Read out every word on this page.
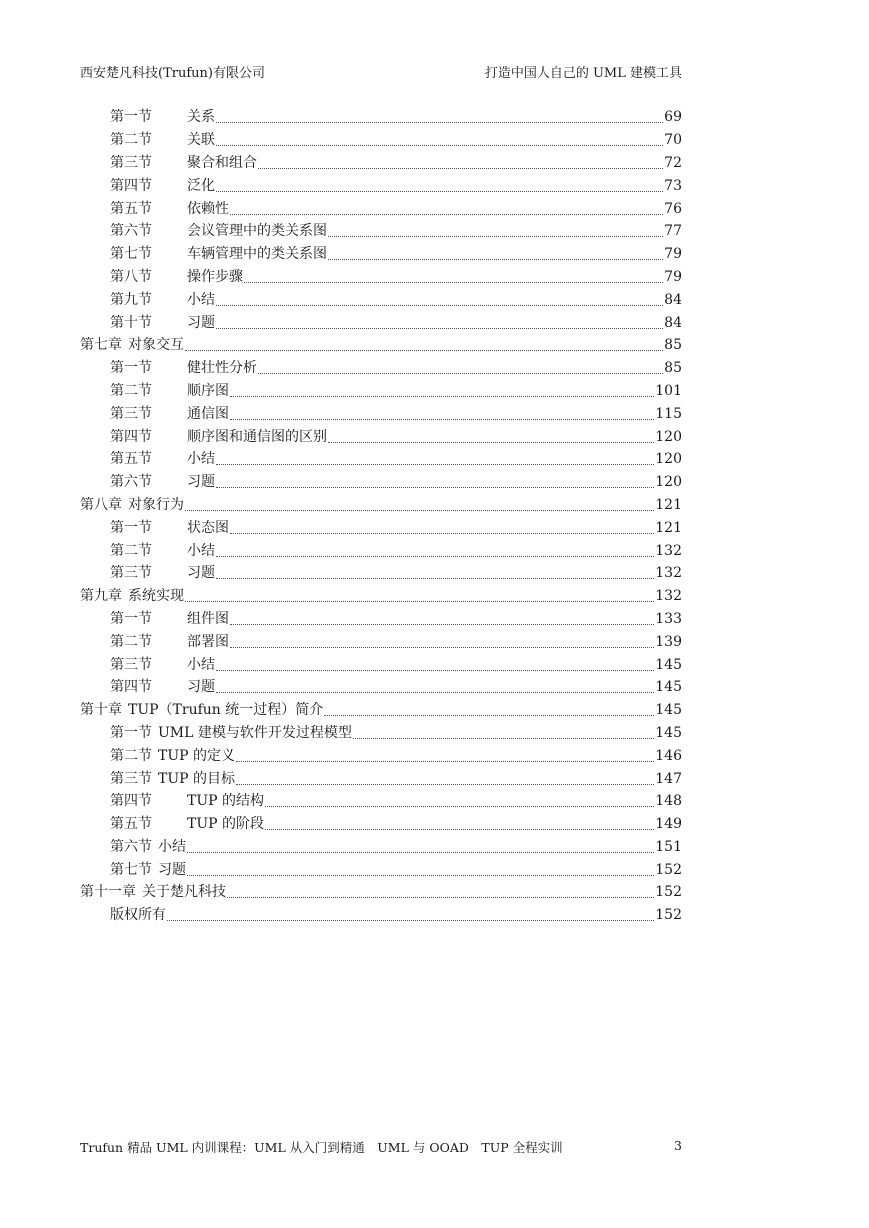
西安楚凡科技(Trufun)有限公司	打造中国人自己的 UML 建模工具
第一节	关系	69
第二节	关联	70
第三节	聚合和组合	72
第四节	泛化	73
第五节	依赖性	76
第六节	会议管理中的类关系图	77
第七节	车辆管理中的类关系图	79
第八节	操作步骤	79
第九节	小结	84
第十节	习题	84
第七章 对象交互	85
第一节	健壮性分析	85
第二节	顺序图	101
第三节	通信图	115
第四节	顺序图和通信图的区别	120
第五节	小结	120
第六节	习题	120
第八章 对象行为	121
第一节	状态图	121
第二节	小结	132
第三节	习题	132
第九章 系统实现	132
第一节	组件图	133
第二节	部署图	139
第三节	小结	145
第四节	习题	145
第十章 TUP（Trufun 统一过程）简介	145
第一节 UML 建模与软件开发过程模型	145
第二节 TUP 的定义	146
第三节 TUP 的目标	147
第四节	TUP 的结构	148
第五节	TUP 的阶段	149
第六节 小结	151
第七节 习题	152
第十一章 关于楚凡科技	152
版权所有	152
Trufun 精品 UML 内训课程：UML 从入门到精通　UML 与 OOAD　TUP 全程实训	3
